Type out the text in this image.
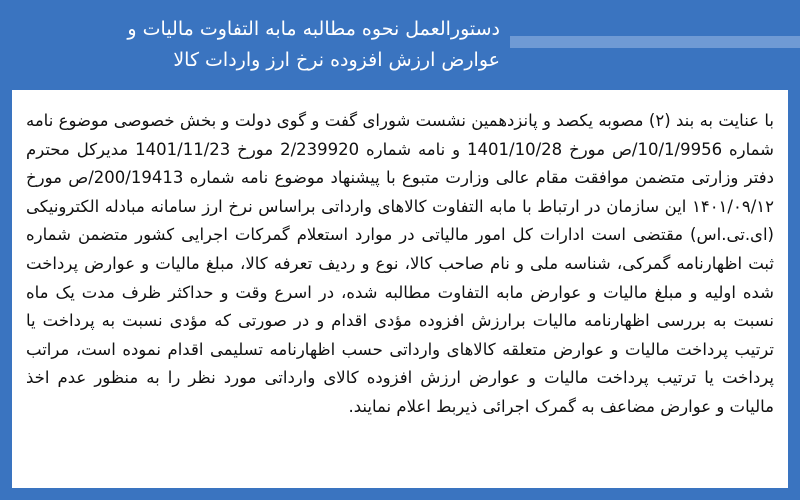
دستورالعمل نحوه مطالبه مابه التفاوت مالیات و
عوارض ارزش افزوده نرخ ارز واردات کالا

با عنایت به بند (۲) مصوبه یکصد و پانزدهمین نشست شورای گفت و گوی دولت و بخش خصوصی موضوع نامه شماره 10/1/9956/ص مورخ 1401/10/28 و نامه شماره 2/239920 مورخ 1401/11/23 مدیرکل محترم دفتر وزارتی متضمن موافقت مقام عالی وزارت متبوع با پیشنهاد موضوع نامه شماره 200/19413/ص مورخ ۱۴۰۱/۰۹/۱۲ این سازمان در ارتباط با مابه التفاوت کالاهای وارداتی براساس نرخ ارز سامانه مبادله الکترونیکی (ای.تی.اس) مقتضی است ادارات کل امور مالیاتی در موارد استعلام گمرکات اجرایی کشور متضمن شماره ثبت اظهارنامه گمرکی، شناسه ملی و نام صاحب کالا، نوع و ردیف تعرفه کالا، مبلغ مالیات و عوارض پرداخت شده اولیه و مبلغ مالیات و عوارض مابه التفاوت مطالبه شده، در اسرع وقت و حداکثر ظرف مدت یک ماه نسبت به بررسی اظهارنامه مالیات برارزش افزوده مؤدی اقدام و در صورتی که مؤدی نسبت به پرداخت یا ترتیب پرداخت مالیات و عوارض متعلقه کالاهای وارداتی حسب اظهارنامه تسلیمی اقدام نموده است، مراتب پرداخت یا ترتیب پرداخت مالیات و عوارض ارزش افزوده کالای وارداتی مورد نظر را به منظور عدم اخذ مالیات و عوارض مضاعف به گمرک اجرائی ذیربط اعلام نمایند.
